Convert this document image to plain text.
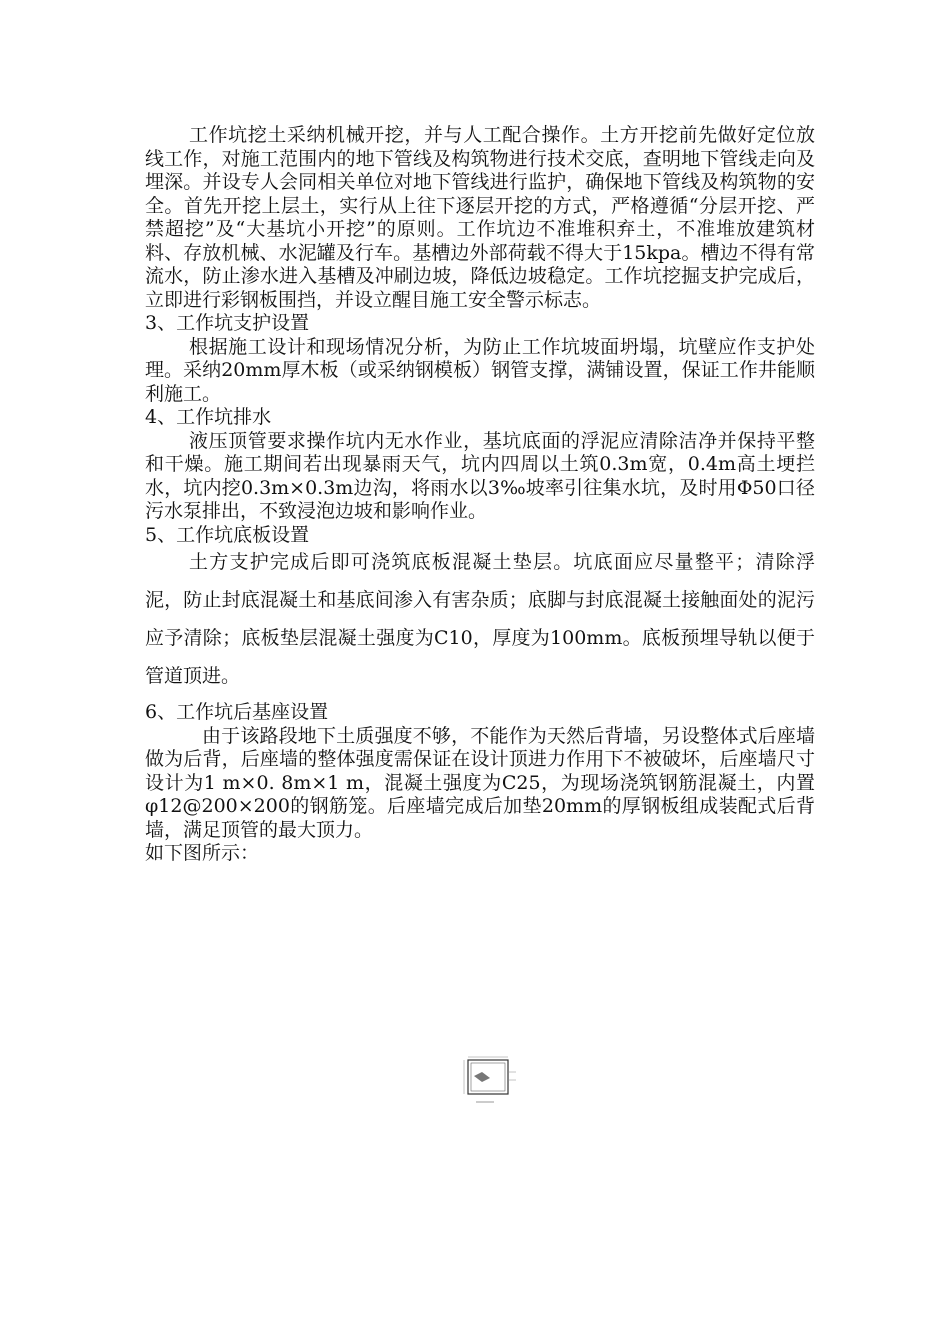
工作坑挖土采纳机械开挖，并与人工配合操作。土方开挖前先做好定位放线工作，对施工范围内的地下管线及构筑物进行技术交底，查明地下管线走向及埋深。并设专人会同相关单位对地下管线进行监护，确保地下管线及构筑物的安全。首先开挖上层土，实行从上往下逐层开挖的方式，严格遵循“分层开挖、严禁超挖”及“大基坑小开挖”的原则。工作坑边不准堆积弃土，不准堆放建筑材料、存放机械、水泥罐及行车。基槽边外部荷载不得大于15kpa。槽边不得有常流水，防止渗水进入基槽及冲刷边坡，降低边坡稳定。工作坑挖掘支护完成后，立即进行彩钢板围挡，并设立醒目施工安全警示标志。

3、工作坑支护设置

根据施工设计和现场情况分析，为防止工作坑坡面坍塌，坑壁应作支护处理。采纳20mm厚木板（或采纳钢模板）钢管支撑，满铺设置，保证工作井能顺利施工。

4、工作坑排水

液压顶管要求操作坑内无水作业，基坑底面的浮泥应清除洁净并保持平整和干燥。施工期间若出现暴雨天气，坑内四周以土筑0.3m宽，0.4m高土埂拦水，坑内挖0.3m×0.3m边沟，将雨水以3‰坡率引往集水坑，及时用Φ50口径污水泵排出，不致浸泡边坡和影响作业。

5、工作坑底板设置

土方支护完成后即可浇筑底板混凝土垫层。坑底面应尽量整平；清除浮泥，防止封底混凝土和基底间渗入有害杂质；底脚与封底混凝土接触面处的泥污应予清除；底板垫层混凝土强度为C10，厚度为100mm。底板预埋导轨以便于管道顶进。

6、工作坑后基座设置

由于该路段地下土质强度不够，不能作为天然后背墙，另设整体式后座墙做为后背，后座墙的整体强度需保证在设计顶进力作用下不被破坏，后座墙尺寸设计为1 m×0. 8m×1 m，混凝土强度为C25，为现场浇筑钢筋混凝土，内置φ12@200×200的钢筋笼。后座墙完成后加垫20mm的厚钢板组成装配式后背墙，满足顶管的最大顶力。

如下图所示：
